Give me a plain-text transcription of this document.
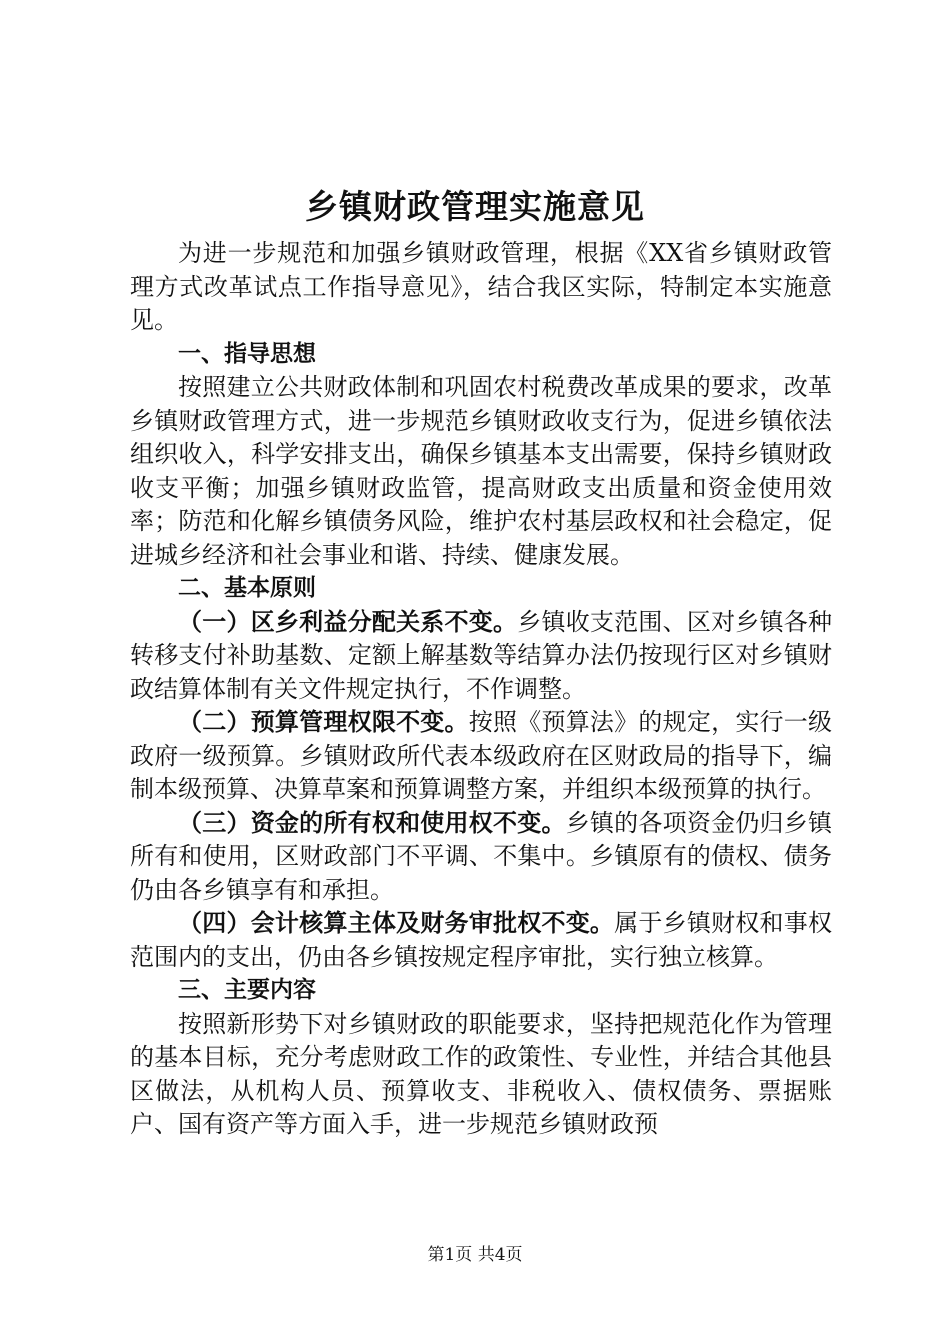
乡镇财政管理实施意见

为进一步规范和加强乡镇财政管理，根据《XX省乡镇财政管理方式改革试点工作指导意见》，结合我区实际，特制定本实施意见。

一、指导思想

按照建立公共财政体制和巩固农村税费改革成果的要求，改革乡镇财政管理方式，进一步规范乡镇财政收支行为，促进乡镇依法组织收入，科学安排支出，确保乡镇基本支出需要，保持乡镇财政收支平衡；加强乡镇财政监管，提高财政支出质量和资金使用效率；防范和化解乡镇债务风险，维护农村基层政权和社会稳定，促进城乡经济和社会事业和谐、持续、健康发展。

二、基本原则

（一）区乡利益分配关系不变。乡镇收支范围、区对乡镇各种转移支付补助基数、定额上解基数等结算办法仍按现行区对乡镇财政结算体制有关文件规定执行，不作调整。

（二）预算管理权限不变。按照《预算法》的规定，实行一级政府一级预算。乡镇财政所代表本级政府在区财政局的指导下，编制本级预算、决算草案和预算调整方案，并组织本级预算的执行。

（三）资金的所有权和使用权不变。乡镇的各项资金仍归乡镇所有和使用，区财政部门不平调、不集中。乡镇原有的债权、债务仍由各乡镇享有和承担。

（四）会计核算主体及财务审批权不变。属于乡镇财权和事权范围内的支出，仍由各乡镇按规定程序审批，实行独立核算。

三、主要内容

按照新形势下对乡镇财政的职能要求，坚持把规范化作为管理的基本目标，充分考虑财政工作的政策性、专业性，并结合其他县区做法，从机构人员、预算收支、非税收入、债权债务、票据账户、国有资产等方面入手，进一步规范乡镇财政预

第1页 共4页
